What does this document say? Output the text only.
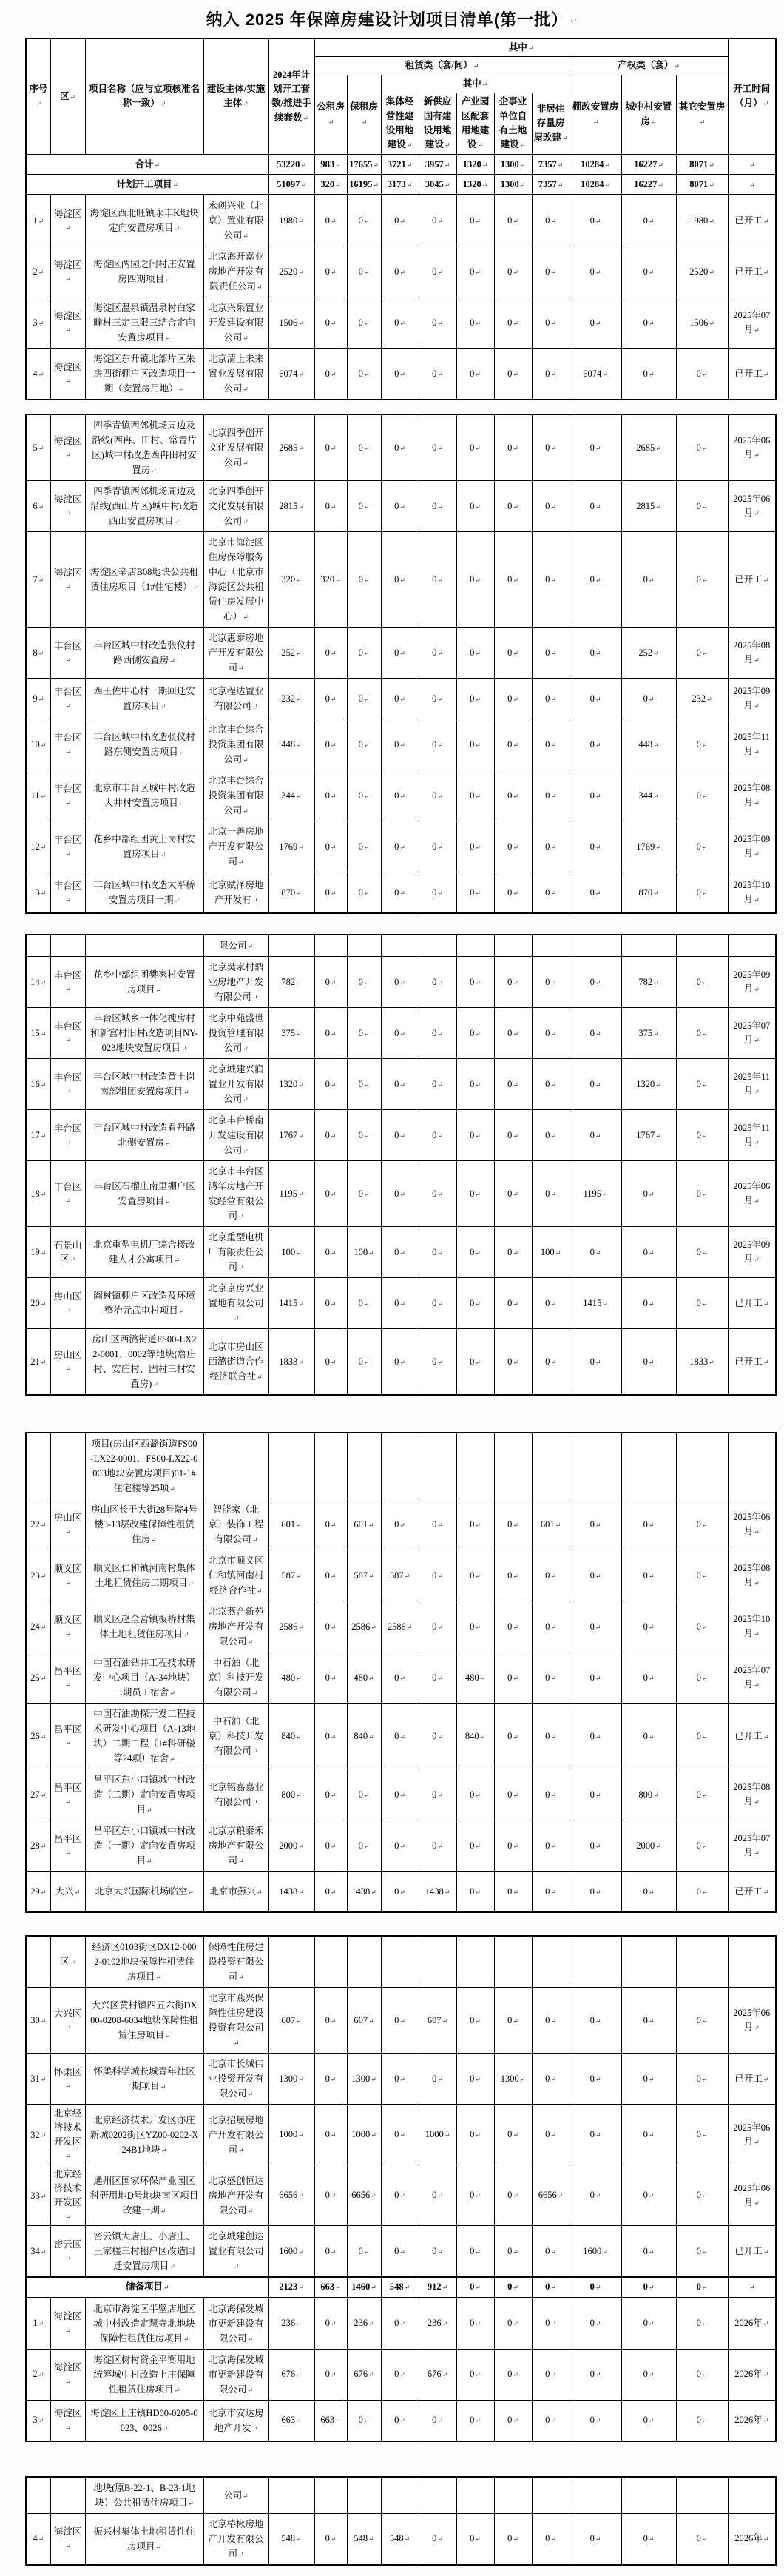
纳入 2025 年保障房建设计划项目清单(第一批） ↵
序号 ↵	区 ↵	项目名称（应与立项核准名称一致） ↵	建设主体/实施主体 ↵	2024年计划开工套数/推进手续套数 ↵	其中 ↵										开工时间（月） ↵
					租赁类（套/间） ↵							产权类（套） ↵
					公租房 ↵	保租房 ↵	其中 ↵					棚改安置房 ↵	城中村安置房 ↵	其它安置房 ↵
							集体经营性建设用地建设 ↵	新供应国有建设用地建设 ↵	产业园区配套用地建设 ↵	企事业单位自有土地建设 ↵	非居住存量房屋改建 ↵
合计 ↵				53220 ↵	983 ↵	17655 ↵	3721 ↵	3957 ↵	1320 ↵	1300 ↵	7357 ↵	10284 ↵	16227 ↵	8071 ↵	↵
计划开工项目 ↵				51097 ↵	320 ↵	16195 ↵	3173 ↵	3045 ↵	1320 ↵	1300 ↵	7357 ↵	10284 ↵	16227 ↵	8071 ↵	↵
1 ↵	海淀区 ↵	海淀区西北旺镇永丰K地块定向安置房项目 ↵	永创兴业（北京）置业有限公司 ↵	1980 ↵	0 ↵	0 ↵	0 ↵	0 ↵	0 ↵	0 ↵	0 ↵	0 ↵	0 ↵	1980 ↵	已开工 ↵
2 ↵	海淀区 ↵	海淀区两园之间村庄安置房四期项目 ↵	北京海开嘉业房地产开发有限责任公司 ↵	2520 ↵	0 ↵	0 ↵	0 ↵	0 ↵	0 ↵	0 ↵	0 ↵	0 ↵	0 ↵	2520 ↵	已开工 ↵
3 ↵	海淀区 ↵	海淀区温泉镇温泉村白家疃村三定三限三结合定向安置房项目 ↵	北京兴泉置业开发建设有限公司 ↵	1506 ↵	0 ↵	0 ↵	0 ↵	0 ↵	0 ↵	0 ↵	0 ↵	0 ↵	0 ↵	1506 ↵	2025年07月 ↵
4 ↵	海淀区 ↵	海淀区东升镇北部片区朱房四街棚户区改造项目一期（安置房用地） ↵	北京清上未来置业发展有限公司 ↵	6074 ↵	0 ↵	0 ↵	0 ↵	0 ↵	0 ↵	0 ↵	0 ↵	6074 ↵	0 ↵	0 ↵	已开工 ↵
5 ↵	海淀区 ↵	四季青镇西郊机场周边及沿线(西冉、田村、常青片区)城中村改造西冉田村安置房 ↵	北京四季创开文化发展有限公司 ↵	2685 ↵	0 ↵	0 ↵	0 ↵	0 ↵	0 ↵	0 ↵	0 ↵	0 ↵	2685 ↵	0 ↵	2025年06月 ↵
6 ↵	海淀区 ↵	四季青镇西郊机场周边及沿线(西山片区)城中村改造西山安置房项目 ↵	北京四季创开文化发展有限公司 ↵	2815 ↵	0 ↵	0 ↵	0 ↵	0 ↵	0 ↵	0 ↵	0 ↵	0 ↵	2815 ↵	0 ↵	2025年06月 ↵
7 ↵	海淀区 ↵	海淀区辛店B08地块公共租赁住房项目（1#住宅楼） ↵	北京市海淀区住房保障服务中心（北京市海淀区公共租赁住房发展中心） ↵	320 ↵	320 ↵	0 ↵	0 ↵	0 ↵	0 ↵	0 ↵	0 ↵	0 ↵	0 ↵	0 ↵	已开工 ↵
8 ↵	丰台区 ↵	丰台区城中村改造张仪村路西侧安置房 ↵	北京惠泰房地产开发有限公司 ↵	252 ↵	0 ↵	0 ↵	0 ↵	0 ↵	0 ↵	0 ↵	0 ↵	0 ↵	252 ↵	0 ↵	2025年08月 ↵
9 ↵	丰台区 ↵	西王佐中心村一期回迁安置房项目 ↵	北京程达置业有限公司 ↵	232 ↵	0 ↵	0 ↵	0 ↵	0 ↵	0 ↵	0 ↵	0 ↵	0 ↵	0 ↵	232 ↵	2025年09月 ↵
10 ↵	丰台区 ↵	丰台区城中村改造张仪村路东侧安置房项目 ↵	北京丰台综合投资集团有限公司 ↵	448 ↵	0 ↵	0 ↵	0 ↵	0 ↵	0 ↵	0 ↵	0 ↵	0 ↵	448 ↵	0 ↵	2025年11月 ↵
11 ↵	丰台区 ↵	北京市丰台区城中村改造大井村安置房项目 ↵	北京丰台综合投资集团有限公司 ↵	344 ↵	0 ↵	0 ↵	0 ↵	0 ↵	0 ↵	0 ↵	0 ↵	0 ↵	344 ↵	0 ↵	2025年08月 ↵
12 ↵	丰台区 ↵	花乡中部组团黄土岗村安置房项目 ↵	北京一善房地产开发有限公司 ↵	1769 ↵	0 ↵	0 ↵	0 ↵	0 ↵	0 ↵	0 ↵	0 ↵	0 ↵	1769 ↵	0 ↵	2025年09月 ↵
13 ↵	丰台区 ↵	丰台区城中村改造太平桥安置房项目一期 ↵	北京赋泽房地产开发有 ↵	870 ↵	0 ↵	0 ↵	0 ↵	0 ↵	0 ↵	0 ↵	0 ↵	0 ↵	870 ↵	0 ↵	2025年10月 ↵
			限公司 ↵												
14 ↵	丰台区 ↵	花乡中部组团樊家村安置房项目 ↵	北京樊家村鼎业房地产开发有限公司 ↵	782 ↵	0 ↵	0 ↵	0 ↵	0 ↵	0 ↵	0 ↵	0 ↵	0 ↵	782 ↵	0 ↵	2025年09月 ↵
15 ↵	丰台区 ↵	丰台区城乡一体化槐房村和新宫村旧村改造项目NY-023地块安置房项目 ↵	北京中苑盛世投资管理有限公司 ↵	375 ↵	0 ↵	0 ↵	0 ↵	0 ↵	0 ↵	0 ↵	0 ↵	0 ↵	375 ↵	0 ↵	2025年07月 ↵
16 ↵	丰台区 ↵	丰台区城中村改造黄土岗南部组团安置房项目 ↵	北京城建兴润置业开发有限公司 ↵	1320 ↵	0 ↵	0 ↵	0 ↵	0 ↵	0 ↵	0 ↵	0 ↵	0 ↵	1320 ↵	0 ↵	2025年11月 ↵
17 ↵	丰台区 ↵	丰台区城中村改造看丹路北侧安置房 ↵	北京丰台桥南开发建设有限公司 ↵	1767 ↵	0 ↵	0 ↵	0 ↵	0 ↵	0 ↵	0 ↵	0 ↵	0 ↵	1767 ↵	0 ↵	2025年11月 ↵
18 ↵	丰台区 ↵	丰台区石榴庄南里棚户区安置房项目 ↵	北京市丰台区鸿华房地产开发经营有限公司 ↵	1195 ↵	0 ↵	0 ↵	0 ↵	0 ↵	0 ↵	0 ↵	0 ↵	1195 ↵	0 ↵	0 ↵	2025年06月 ↵
19 ↵	石景山区 ↵	北京重型电机厂综合楼改建人才公寓项目 ↵	北京重型电机厂有限责任公司 ↵	100 ↵	0 ↵	100 ↵	0 ↵	0 ↵	0 ↵	0 ↵	100 ↵	0 ↵	0 ↵	0 ↵	2025年09月 ↵
20 ↵	房山区 ↵	阎村镇棚户区改造及环境整治元武屯村项目 ↵	北京京房兴业置地有限公司 ↵	1415 ↵	0 ↵	0 ↵	0 ↵	0 ↵	0 ↵	0 ↵	0 ↵	1415 ↵	0 ↵	0 ↵	已开工 ↵
21 ↵	房山区 ↵	房山区西潞街道FS00-LX22-0001、0002等地块(詹庄村、安庄村、固村三村安置房) ↵	北京市房山区西潞街道合作经济联合社 ↵	1833 ↵	0 ↵	0 ↵	0 ↵	0 ↵	0 ↵	0 ↵	0 ↵	0 ↵	0 ↵	1833 ↵	已开工 ↵
		项目(房山区西潞街道FS00-LX22-0001、FS00-LX22-0003地块安置房项目)01-1#住宅楼等25项 ↵													
22 ↵	房山区 ↵	房山区长于大街28号院4号楼3-13层改建保障性租赁住房 ↵	智能家（北京）装饰工程有限公司 ↵	601 ↵	0 ↵	601 ↵	0 ↵	0 ↵	0 ↵	0 ↵	601 ↵	0 ↵	0 ↵	0 ↵	2025年06月 ↵
23 ↵	顺义区 ↵	顺义区仁和镇河南村集体土地租赁住房二期项目 ↵	北京市顺义区仁和镇河南村经济合作社 ↵	587 ↵	0 ↵	587 ↵	587 ↵	0 ↵	0 ↵	0 ↵	0 ↵	0 ↵	0 ↵	0 ↵	2025年08月 ↵
24 ↵	顺义区 ↵	顺义区赵全营镇板桥村集体土地租赁住房项目 ↵	北京燕合新苑房地产开发有限公司 ↵	2586 ↵	0 ↵	2586 ↵	2586 ↵	0 ↵	0 ↵	0 ↵	0 ↵	0 ↵	0 ↵	0 ↵	2025年10月 ↵
25 ↵	昌平区 ↵	中国石油钻井工程技术研发中心项目（A-34地块）二期员工宿舍 ↵	中石油（北京）科技开发有限公司 ↵	480 ↵	0 ↵	480 ↵	0 ↵	0 ↵	480 ↵	0 ↵	0 ↵	0 ↵	0 ↵	0 ↵	2025年07月 ↵
26 ↵	昌平区 ↵	中国石油勘探开发工程技术研发中心项目（A-13地块）二期工程（1#科研楼等24项）宿舍 ↵	中石油（北京）科技开发有限公司 ↵	840 ↵	0 ↵	840 ↵	0 ↵	0 ↵	840 ↵	0 ↵	0 ↵	0 ↵	0 ↵	0 ↵	已开工 ↵
27 ↵	昌平区 ↵	昌平区东小口镇城中村改造（二期）定向安置房项目 ↵	北京铭嘉嘉业有限公司 ↵	800 ↵	0 ↵	0 ↵	0 ↵	0 ↵	0 ↵	0 ↵	0 ↵	0 ↵	800 ↵	0 ↵	2025年08月 ↵
28 ↵	昌平区 ↵	昌平区东小口镇城中村改造（一期）定向安置房项目 ↵	北京京粮泰禾房地产有限公司 ↵	2000 ↵	0 ↵	0 ↵	0 ↵	0 ↵	0 ↵	0 ↵	0 ↵	0 ↵	2000 ↵	0 ↵	2025年07月 ↵
29 ↵	大兴 ↵	北京大兴国际机场临空 ↵	北京市燕兴 ↵	1438 ↵	0 ↵	1438 ↵	0 ↵	1438 ↵	0 ↵	0 ↵	0 ↵	0 ↵	0 ↵	0 ↵	已开工 ↵
	区 ↵	经济区0103街区DX12-0002-0102地块保障性租赁住房项目 ↵	保障性住房建设投资有限公司 ↵												
30 ↵	大兴区 ↵	大兴区黄村镇四五六街DX00-0208-6034地块保障性租赁住房项目 ↵	北京市燕兴保障性住房建设投资有限公司 ↵	607 ↵	0 ↵	607 ↵	0 ↵	607 ↵	0 ↵	0 ↵	0 ↵	0 ↵	0 ↵	0 ↵	2025年06月 ↵
31 ↵	怀柔区 ↵	怀柔科学城长城青年社区一期项目 ↵	北京市长城伟业投资开发有限公司 ↵	1300 ↵	0 ↵	1300 ↵	0 ↵	0 ↵	0 ↵	1300 ↵	0 ↵	0 ↵	0 ↵	0 ↵	已开工 ↵
32 ↵	北京经济技术开发区 ↵	北京经济技术开发区亦庄新城0202街区YZ00-0202-X24B1地块 ↵	北京招晟房地产开发有限公司 ↵	1000 ↵	0 ↵	1000 ↵	0 ↵	1000 ↵	0 ↵	0 ↵	0 ↵	0 ↵	0 ↵	0 ↵	2025年06月 ↵
33 ↵	北京经济技术开发区 ↵	通州区国家环保产业园区科研用地D号地块南区项目改建一期 ↵	北京盛创恒达房地产开发有限公司 ↵	6656 ↵	0 ↵	6656 ↵	0 ↵	0 ↵	0 ↵	0 ↵	6656 ↵	0 ↵	0 ↵	0 ↵	2025年06月 ↵
34 ↵	密云区 ↵	密云镇大唐庄、小唐庄、王家楼三村棚户区改造回迁安置房项目 ↵	北京城建创达置业有限公司 ↵	1600 ↵	0 ↵	0 ↵	0 ↵	0 ↵	0 ↵	0 ↵	0 ↵	1600 ↵	0 ↵	0 ↵	已开工 ↵
储备项目 ↵				2123 ↵	663 ↵	1460 ↵	548 ↵	912 ↵	0 ↵	0 ↵	0 ↵	0 ↵	0 ↵	0 ↵	↵
1 ↵	海淀区 ↵	北京市海淀区半壁店地区城中村改造定慧寺北地块保障性租赁住房项目 ↵	北京海保发城市更新建设有限公司 ↵	236 ↵	0 ↵	236 ↵	0 ↵	236 ↵	0 ↵	0 ↵	0 ↵	0 ↵	0 ↵	0 ↵	2026年 ↵
2 ↵	海淀区 ↵	海淀区树村资金平衡用地统筹城中村改造上庄保障性租赁住房项目 ↵	北京海保发城市更新建设有限公司 ↵	676 ↵	0 ↵	676 ↵	0 ↵	676 ↵	0 ↵	0 ↵	0 ↵	0 ↵	0 ↵	0 ↵	2026年 ↵
3 ↵	海淀区 ↵	海淀区上庄镇HD00-0205-0023、0026 ↵	北京市安达房地产开发 ↵	663 ↵	663 ↵	0 ↵	0 ↵	0 ↵	0 ↵	0 ↵	0 ↵	0 ↵	0 ↵	0 ↵	2026年 ↵
		地块(原B-22-1、B-23-1地块）公共租赁住房项目 ↵	公司 ↵												
4 ↵	海淀区 ↵	振兴村集体土地租赁性住房项目 ↵	北京椿楸房地产开发有限公司 ↵	548 ↵	0 ↵	548 ↵	548 ↵	0 ↵	0 ↵	0 ↵	0 ↵	0 ↵	0 ↵	0 ↵	2026年 ↵
